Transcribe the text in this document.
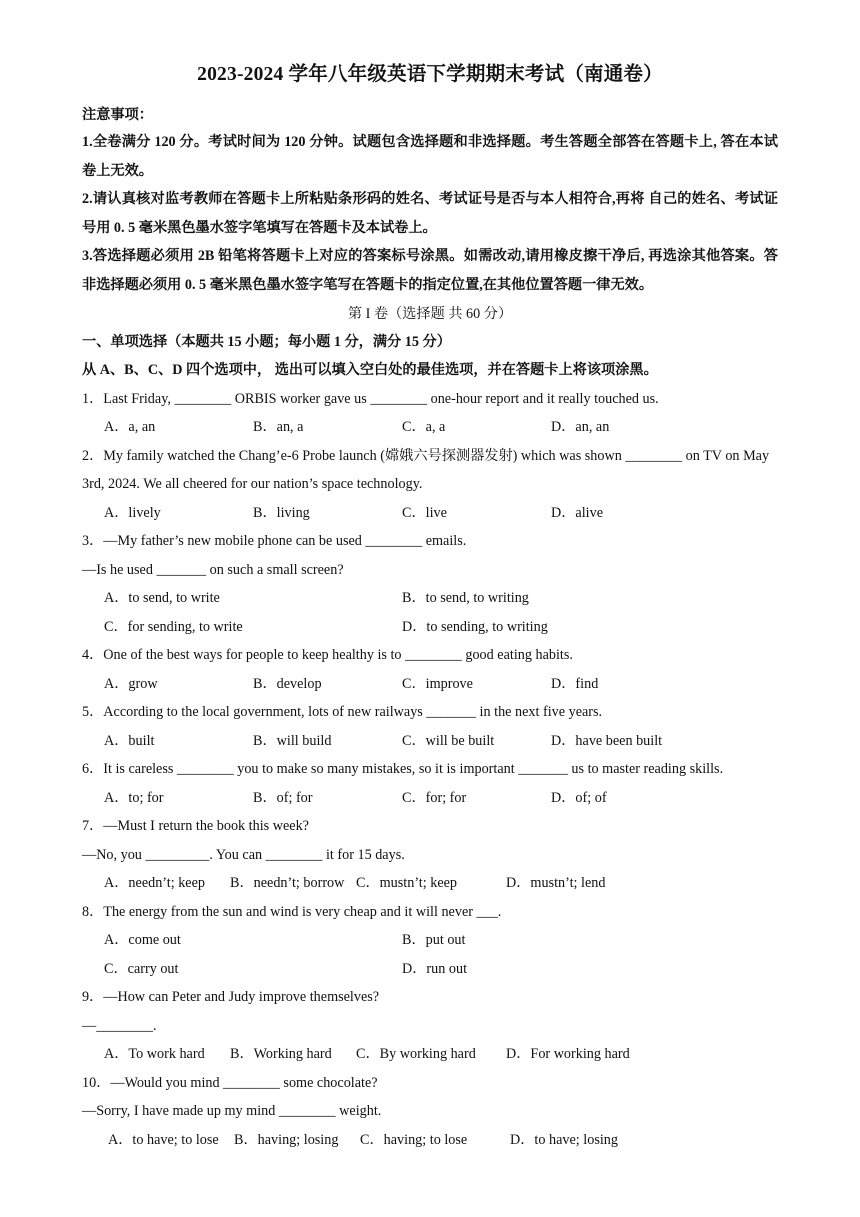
2023-2024 学年八年级英语下学期期末考试（南通卷）
注意事项：
1.全卷满分 120 分。考试时间为 120 分钟。试题包含选择题和非选择题。考生答题全部答在答题卡上, 答在本试卷上无效。
2.请认真核对监考教师在答题卡上所粘贴条形码的姓名、考试证号是否与本人相符合,再将 自己的姓名、考试证号用 0. 5 毫米黑色墨水签字笔填写在答题卡及本试卷上。
3.答选择题必须用 2B 铅笔将答题卡上对应的答案标号涂黑。如需改动,请用橡皮擦干净后, 再选涂其他答案。答非选择题必须用 0. 5 毫米黑色墨水签字笔写在答题卡的指定位置,在其他位置答题一律无效。
第 I 卷（选择题 共 60 分）
一、单项选择（本题共 15 小题；每小题 1 分，满分 15 分）
从 A、B、C、D 四个选项中， 选出可以填入空白处的最佳选项，并在答题卡上将该项涂黑。
1．Last Friday, ________ ORBIS worker gave us ________ one-hour report and it really touched us.
A．a, an	B．an, a	C．a, a	D．an, an
2．My family watched the Chang’e-6 Probe launch (嫦娥六号探测器发射) which was shown ________ on TV on May 3rd, 2024. We all cheered for our nation’s space technology.
A．lively	B．living	C．live	D．alive
3．—My father’s new mobile phone can be used ________ emails.
—Is he used _______ on such a small screen?
A．to send, to write	B．to send, to writing
C．for sending, to write	D．to sending, to writing
4．One of the best ways for people to keep healthy is to ________ good eating habits.
A．grow	B．develop	C．improve	D．find
5．According to the local government, lots of new railways _______ in the next five years.
A．built	B．will build	C．will be built	D．have been built
6．It is careless ________ you to make so many mistakes, so it is important _______ us to master reading skills.
A．to; for	B．of; for	C．for; for	D．of; of
7．—Must I return the book this week?
—No, you _________. You can ________ it for 15 days.
A．needn’t; keep	B．needn’t; borrow C．mustn’t; keep	D．mustn’t; lend
8．The energy from the sun and wind is very cheap and it will never ___.
A．come out	B．put out
C．carry out	D．run out
9．—How can Peter and Judy improve themselves?
—________.
A．To work hard	B．Working hard	C．By working hard	D．For working hard
10．—Would you mind ________ some chocolate?
—Sorry, I have made up my mind ________ weight.
A．to have; to lose	B．having; losing	C．having; to lose	D．to have; losing
